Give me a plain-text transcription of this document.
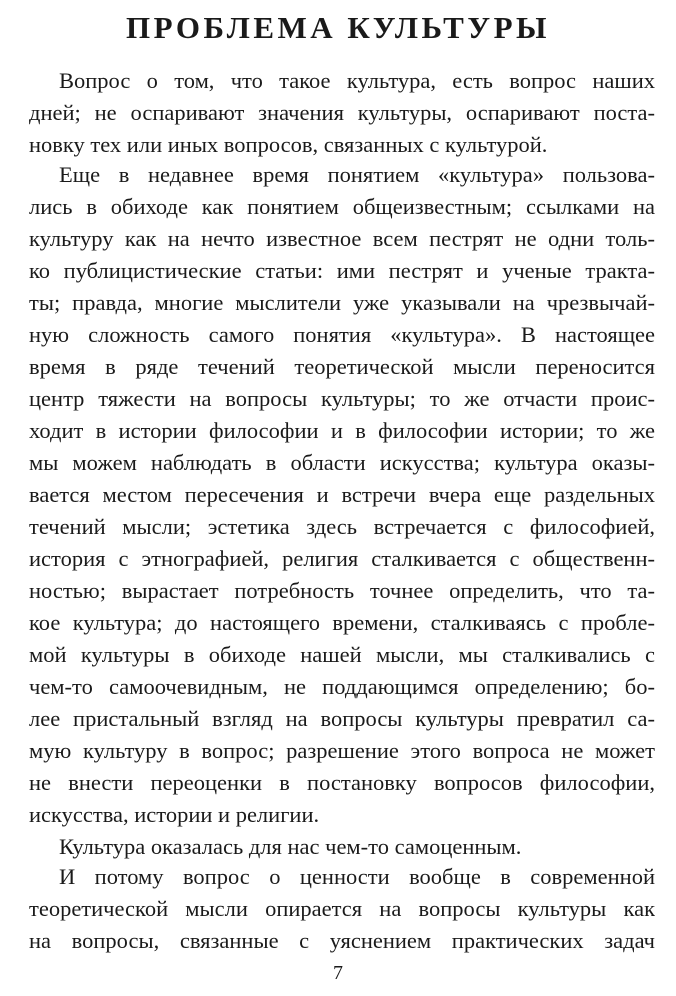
ПРОБЛЕМА КУЛЬТУРЫ
Вопрос о том, что такое культура, есть вопрос наших
дней; не оспаривают значения культуры, оспаривают поста-
новку тех или иных вопросов, связанных с культурой.
Еще в недавнее время понятием «культура» пользова-
лись в обиходе как понятием общеизвестным; ссылками на
культуру как на нечто известное всем пестрят не одни толь-
ко публицистические статьи: ими пестрят и ученые тракта-
ты; правда, многие мыслители уже указывали на чрезвычай-
ную сложность самого понятия «культура». В настоящее
время в ряде течений теоретической мысли переносится
центр тяжести на вопросы культуры; то же отчасти проис-
ходит в истории философии и в философии истории; то же
мы можем наблюдать в области искусства; культура оказы-
вается местом пересечения и встречи вчера еще раздельных
течений мысли; эстетика здесь встречается с философией,
история с этнографией, религия сталкивается с общественн-
ностью; вырастает потребность точнее определить, что та-
кое культура; до настоящего времени, сталкиваясь с пробле-
мой культуры в обиходе нашей мысли, мы сталкивались с
чем-то самоочевидным, не поддающимся определению; бо-
лее пристальный взгляд на вопросы культуры превратил са-
мую культуру в вопрос; разрешение этого вопроса не может
не внести переоценки в постановку вопросов философии,
искусства, истории и религии.
Культура оказалась для нас чем-то самоценным.
И потому вопрос о ценности вообще в современной
теоретической мысли опирается на вопросы культуры как
на вопросы, связанные с уяснением практических задач
7
